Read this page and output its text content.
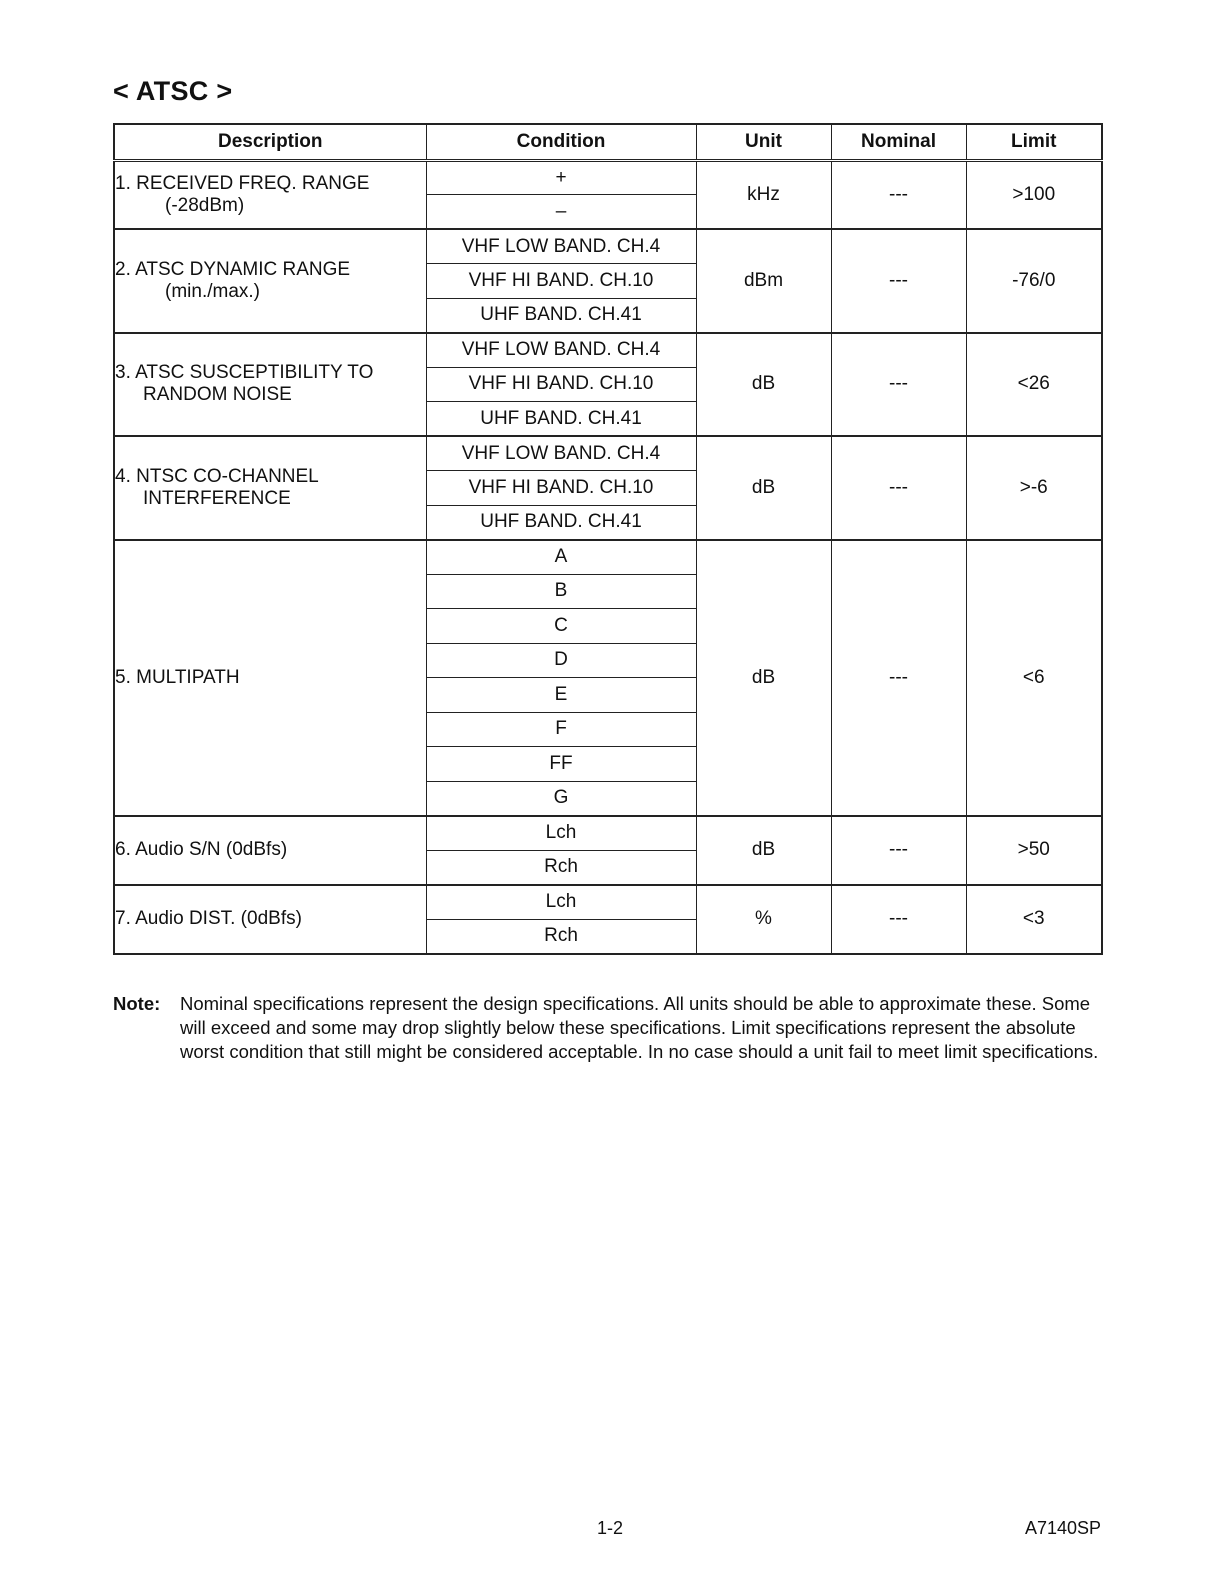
< ATSC >
Description	Condition	Unit	Nominal	Limit

1. RECEIVED FREQ. RANGE
(-28dBm)	+	kHz	---	>100
	–			

2. ATSC DYNAMIC RANGE
(min./max.)	VHF LOW BAND. CH.4	dBm	---	-76/0
	VHF HI BAND. CH.10			
	UHF BAND. CH.41			

3. ATSC SUSCEPTIBILITY TO
RANDOM NOISE	VHF LOW BAND. CH.4	dB	---	<26
	VHF HI BAND. CH.10			
	UHF BAND. CH.41			

4. NTSC CO-CHANNEL
INTERFERENCE	VHF LOW BAND. CH.4	dB	---	>-6
	VHF HI BAND. CH.10			
	UHF BAND. CH.41			

5. MULTIPATH	A	dB	---	<6
	B			
	C			
	D			
	E			
	F			
	FF			
	G			

6. Audio S/N (0dBfs)	Lch	dB	---	>50
	Rch			

7. Audio DIST. (0dBfs)	Lch	%	---	<3
	Rch			
Note: Nominal specifications represent the design specifications. All units should be able to approximate these. Some will exceed and some may drop slightly below these specifications. Limit specifications represent the absolute worst condition that still might be considered acceptable. In no case should a unit fail to meet limit specifications.
1-2	A7140SP
